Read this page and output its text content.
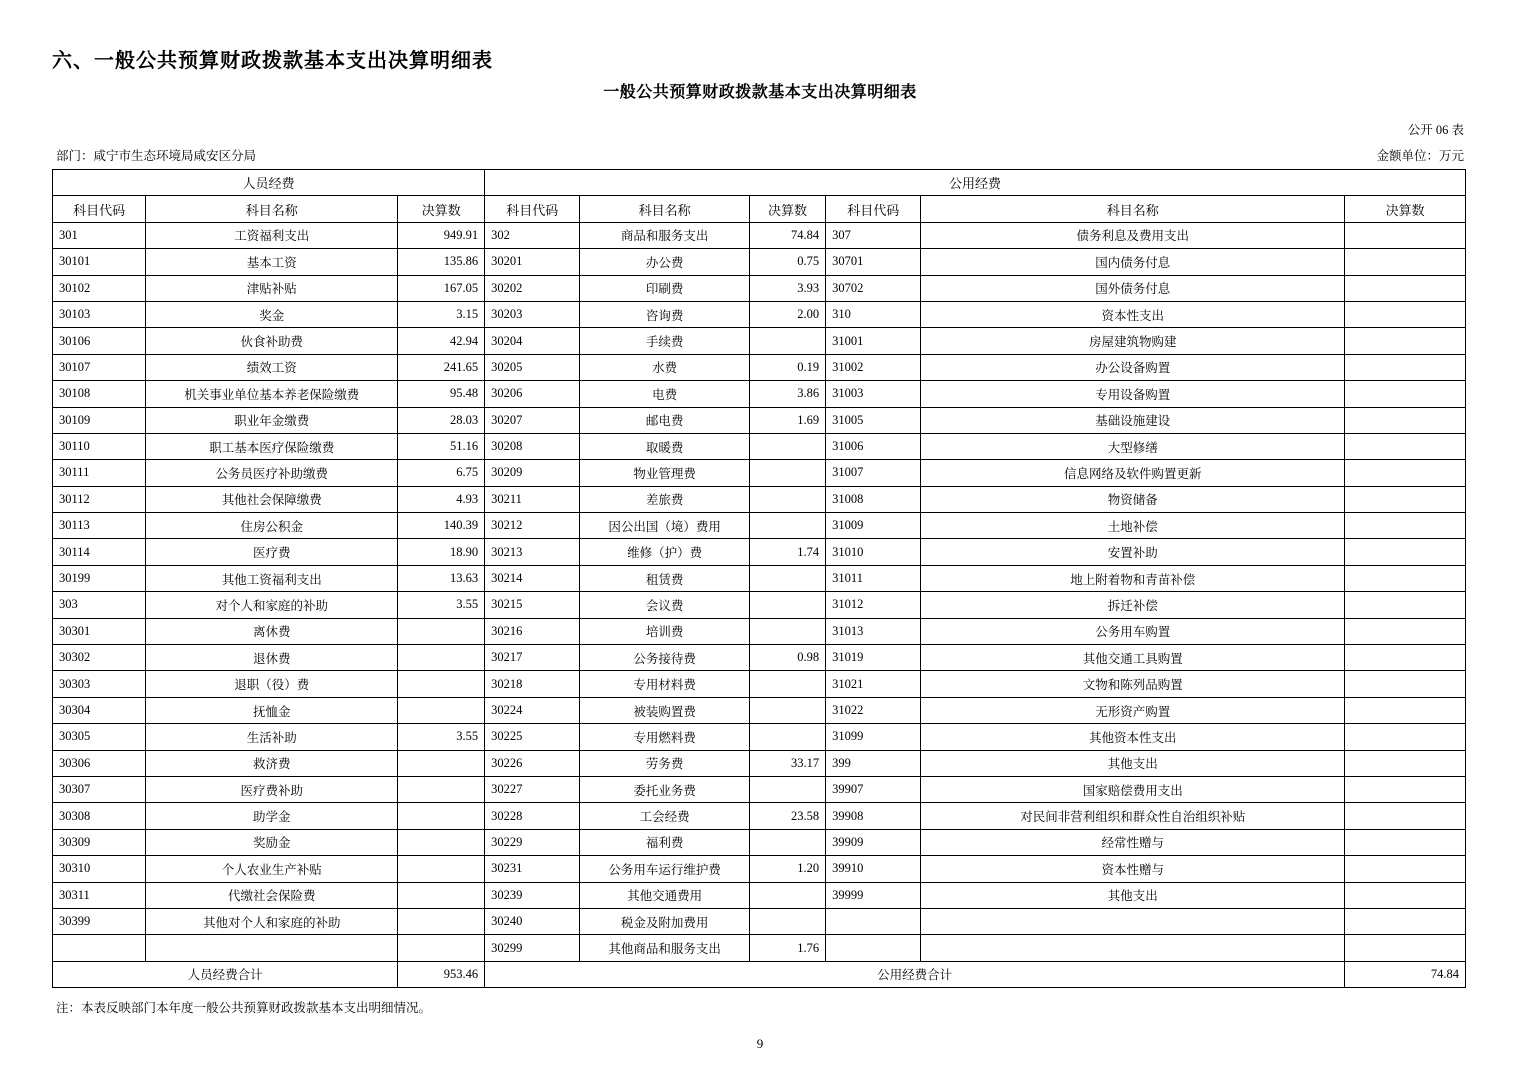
六、一般公共预算财政拨款基本支出决算明细表
一般公共预算财政拨款基本支出决算明细表
公开 06 表
部门：咸宁市生态环境局咸安区分局	金额单位：万元
人员经费			公用经费					
科目代码	科目名称	决算数	科目代码	科目名称	决算数	科目代码	科目名称	决算数
301	工资福利支出	949.91	302	商品和服务支出	74.84	307	债务利息及费用支出	
30101	基本工资	135.86	30201	办公费	0.75	30701	国内债务付息	
30102	津贴补贴	167.05	30202	印刷费	3.93	30702	国外债务付息	
30103	奖金	3.15	30203	咨询费	2.00	310	资本性支出	
30106	伙食补助费	42.94	30204	手续费		31001	房屋建筑物购建	
30107	绩效工资	241.65	30205	水费	0.19	31002	办公设备购置	
30108	机关事业单位基本养老保险缴费	95.48	30206	电费	3.86	31003	专用设备购置	
30109	职业年金缴费	28.03	30207	邮电费	1.69	31005	基础设施建设	
30110	职工基本医疗保险缴费	51.16	30208	取暖费		31006	大型修缮	
30111	公务员医疗补助缴费	6.75	30209	物业管理费		31007	信息网络及软件购置更新	
30112	其他社会保障缴费	4.93	30211	差旅费		31008	物资储备	
30113	住房公积金	140.39	30212	因公出国（境）费用		31009	土地补偿	
30114	医疗费	18.90	30213	维修（护）费	1.74	31010	安置补助	
30199	其他工资福利支出	13.63	30214	租赁费		31011	地上附着物和青苗补偿	
303	对个人和家庭的补助	3.55	30215	会议费		31012	拆迁补偿	
30301	离休费		30216	培训费		31013	公务用车购置	
30302	退休费		30217	公务接待费	0.98	31019	其他交通工具购置	
30303	退职（役）费		30218	专用材料费		31021	文物和陈列品购置	
30304	抚恤金		30224	被装购置费		31022	无形资产购置	
30305	生活补助	3.55	30225	专用燃料费		31099	其他资本性支出	
30306	救济费		30226	劳务费	33.17	399	其他支出	
30307	医疗费补助		30227	委托业务费		39907	国家赔偿费用支出	
30308	助学金		30228	工会经费	23.58	39908	对民间非营利组织和群众性自治组织补贴	
30309	奖励金		30229	福利费		39909	经常性赠与	
30310	个人农业生产补贴		30231	公务用车运行维护费	1.20	39910	资本性赠与	
30311	代缴社会保险费		30239	其他交通费用		39999	其他支出	
30399	其他对个人和家庭的补助		30240	税金及附加费用				
			30299	其他商品和服务支出	1.76			
人员经费合计		953.46	公用经费合计					74.84
注：本表反映部门本年度一般公共预算财政拨款基本支出明细情况。
9
